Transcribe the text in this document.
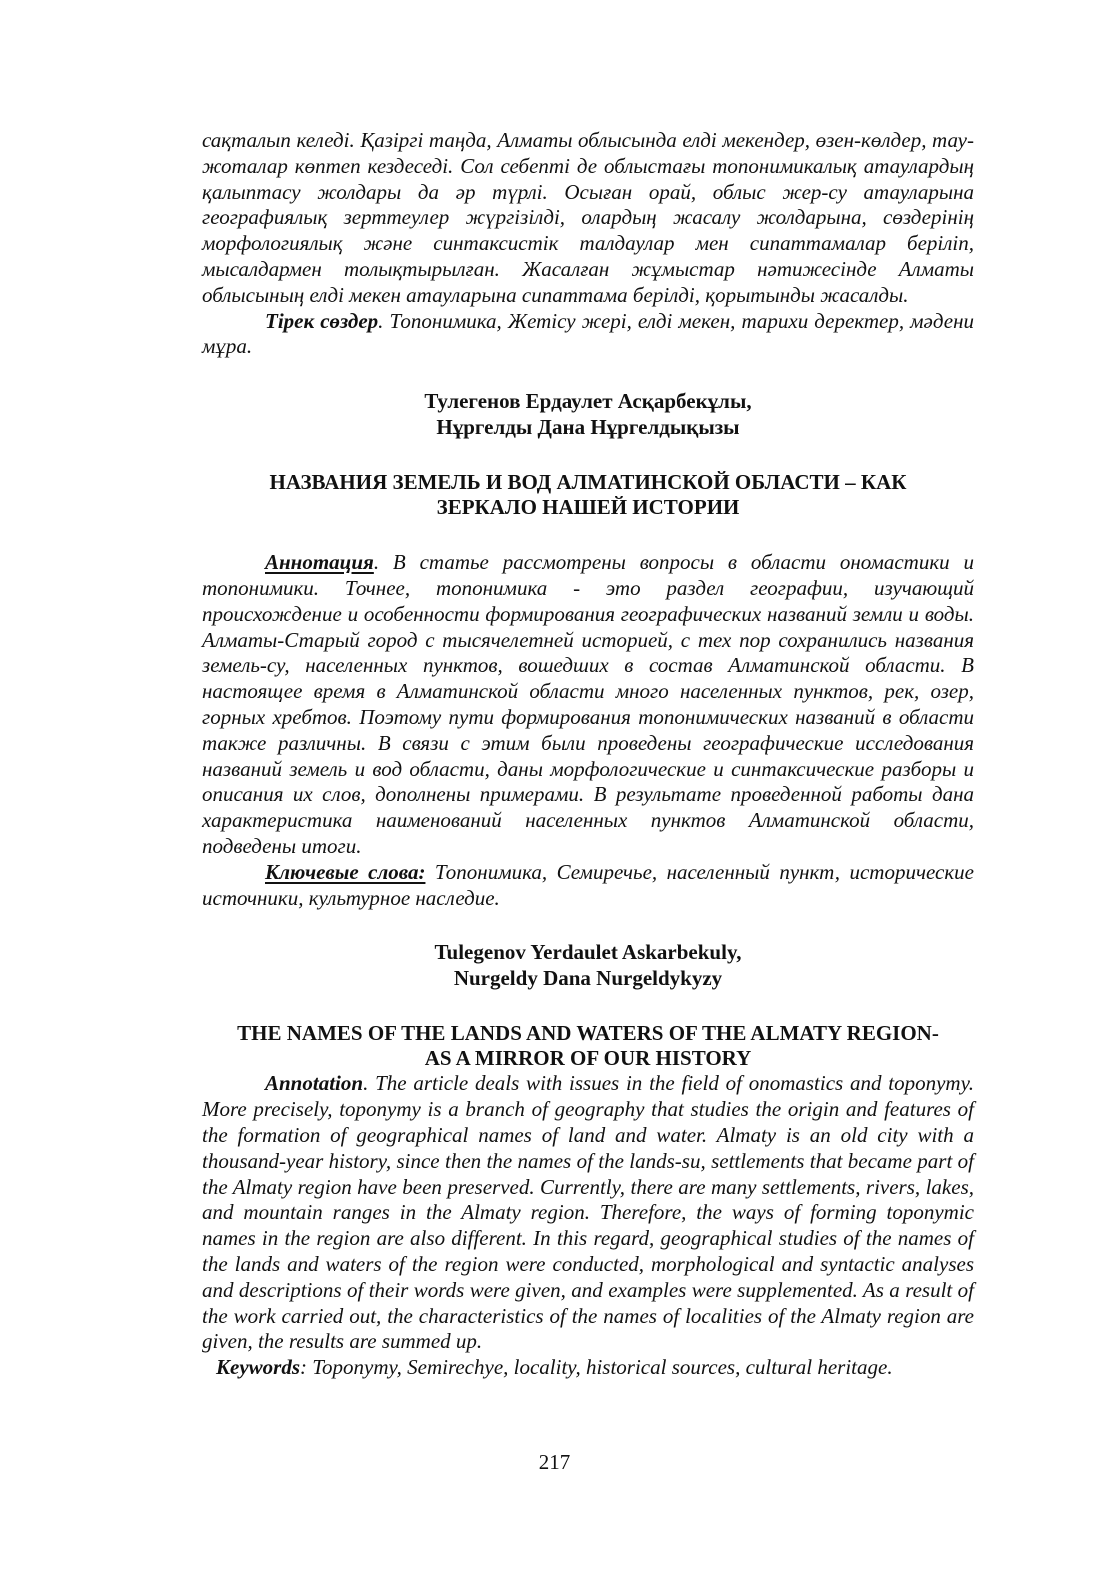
сақталып келеді. Қазіргі таңда, Алматы облысында елді мекендер, өзен-көлдер, тау-жоталар көптеп кездеседі. Сол себепті де облыстағы топонимикалық атаулардың қалыптасу жолдары да әр түрлі. Осыған орай, облыс жер-су атауларына географиялық зерттеулер жүргізілді, олардың жасалу жолдарына, сөздерінің морфологиялық және синтаксистік талдаулар мен сипаттамалар беріліп, мысалдармен толықтырылған. Жасалған жұмыстар нәтижесінде Алматы облысының елді мекен атауларына сипаттама берілді, қорытынды жасалды.

Тірек сөздер. Топонимика, Жетісу жері, елді мекен, тарихи деректер, мәдени мұра.

Тулегенов Ердаулет Асқарбекұлы,

Нұргелды Дана Нұргелдықызы

НАЗВАНИЯ ЗЕМЕЛЬ И ВОД АЛМАТИНСКОЙ ОБЛАСТИ – КАК

ЗЕРКАЛО НАШЕЙ ИСТОРИИ

Аннотация. В статье рассмотрены вопросы в области ономастики и топонимики. Точнее, топонимика - это раздел географии, изучающий происхождение и особенности формирования географических названий земли и воды. Алматы-Старый город с тысячелетней историей, с тех пор сохранились названия земель-су, населенных пунктов, вошедших в состав Алматинской области. В настоящее время в Алматинской области много населенных пунктов, рек, озер, горных хребтов. Поэтому пути формирования топонимических названий в области также различны. В связи с этим были проведены географические исследования названий земель и вод области, даны морфологические и синтаксические разборы и описания их слов, дополнены примерами. В результате проведенной работы дана характеристика наименований населенных пунктов Алматинской области, подведены итоги.

Ключевые слова: Топонимика, Семиречье, населенный пункт, исторические источники, культурное наследие.

Tulegenov Yerdaulet Askarbekuly,

Nurgeldy Dana Nurgeldykyzy

THE NAMES OF THE LANDS AND WATERS OF THE ALMATY REGION-

AS A MIRROR OF OUR HISTORY

Annotation. The article deals with issues in the field of onomastics and toponymy. More precisely, toponymy is a branch of geography that studies the origin and features of the formation of geographical names of land and water. Almaty is an old city with a thousand-year history, since then the names of the lands-su, settlements that became part of the Almaty region have been preserved. Currently, there are many settlements, rivers, lakes, and mountain ranges in the Almaty region. Therefore, the ways of forming toponymic names in the region are also different. In this regard, geographical studies of the names of the lands and waters of the region were conducted, morphological and syntactic analyses and descriptions of their words were given, and examples were supplemented. As a result of the work carried out, the characteristics of the names of localities of the Almaty region are given, the results are summed up.

Keywords: Toponymy, Semirechye, locality, historical sources, cultural heritage.

217
